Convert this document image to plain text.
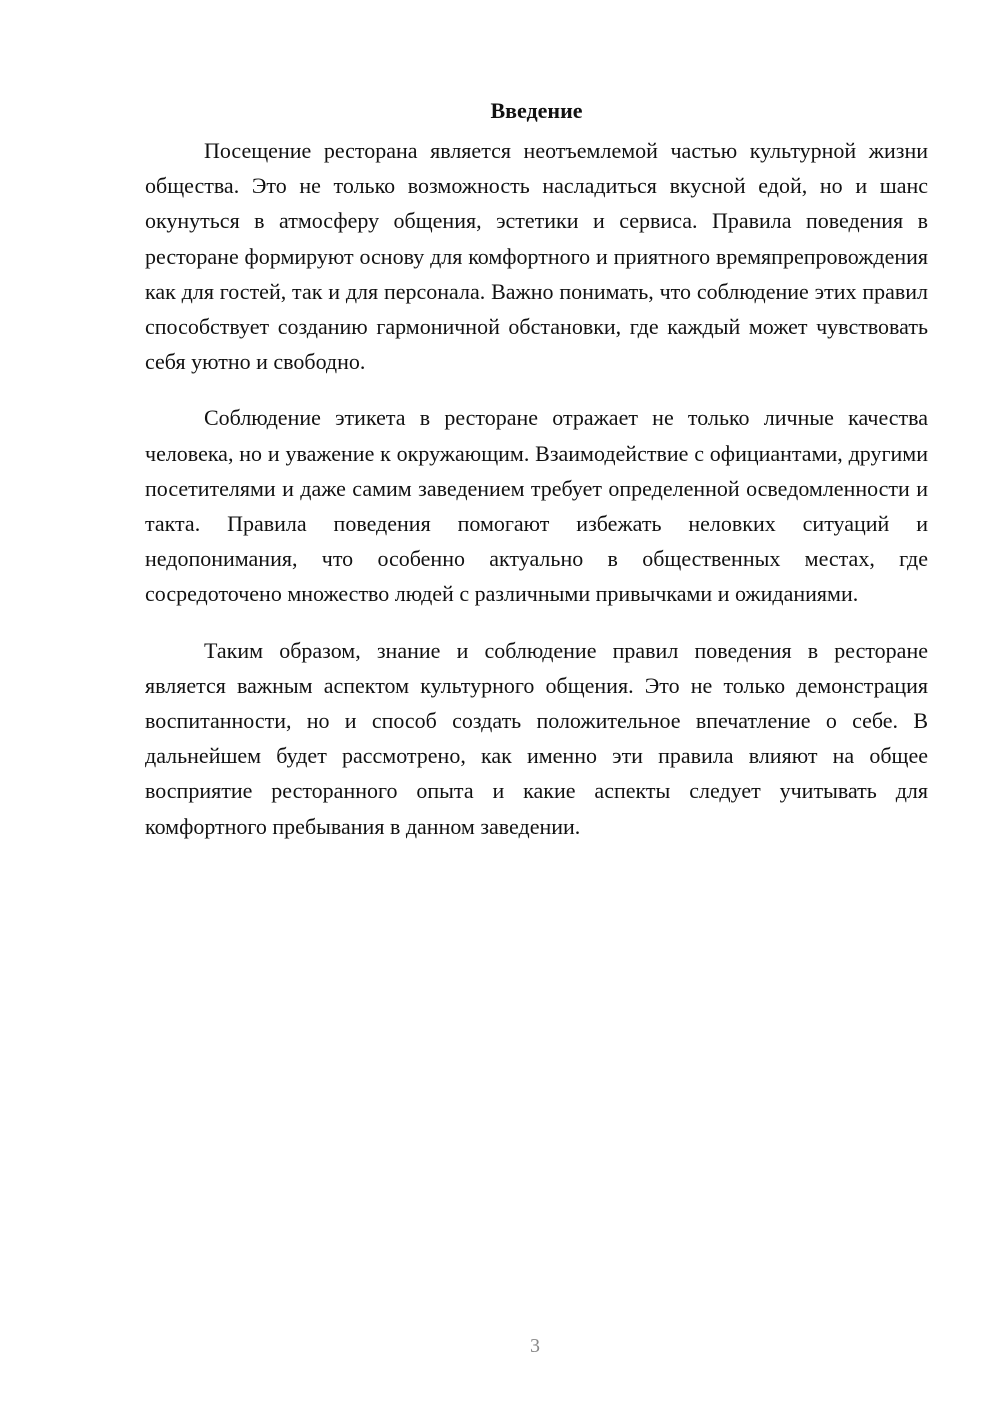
Введение

Посещение ресторана является неотъемлемой частью культурной жизни общества. Это не только возможность насладиться вкусной едой, но и шанс окунуться в атмосферу общения, эстетики и сервиса. Правила поведения в ресторане формируют основу для комфортного и приятного времяпрепровождения как для гостей, так и для персонала. Важно понимать, что соблюдение этих правил способствует созданию гармоничной обстановки, где каждый может чувствовать себя уютно и свободно.

Соблюдение этикета в ресторане отражает не только личные качества человека, но и уважение к окружающим. Взаимодействие с официантами, другими посетителями и даже самим заведением требует определенной осведомленности и такта. Правила поведения помогают избежать неловких ситуаций и недопонимания, что особенно актуально в общественных местах, где сосредоточено множество людей с различными привычками и ожиданиями.

Таким образом, знание и соблюдение правил поведения в ресторане является важным аспектом культурного общения. Это не только демонстрация воспитанности, но и способ создать положительное впечатление о себе. В дальнейшем будет рассмотрено, как именно эти правила влияют на общее восприятие ресторанного опыта и какие аспекты следует учитывать для комфортного пребывания в данном заведении.

3
